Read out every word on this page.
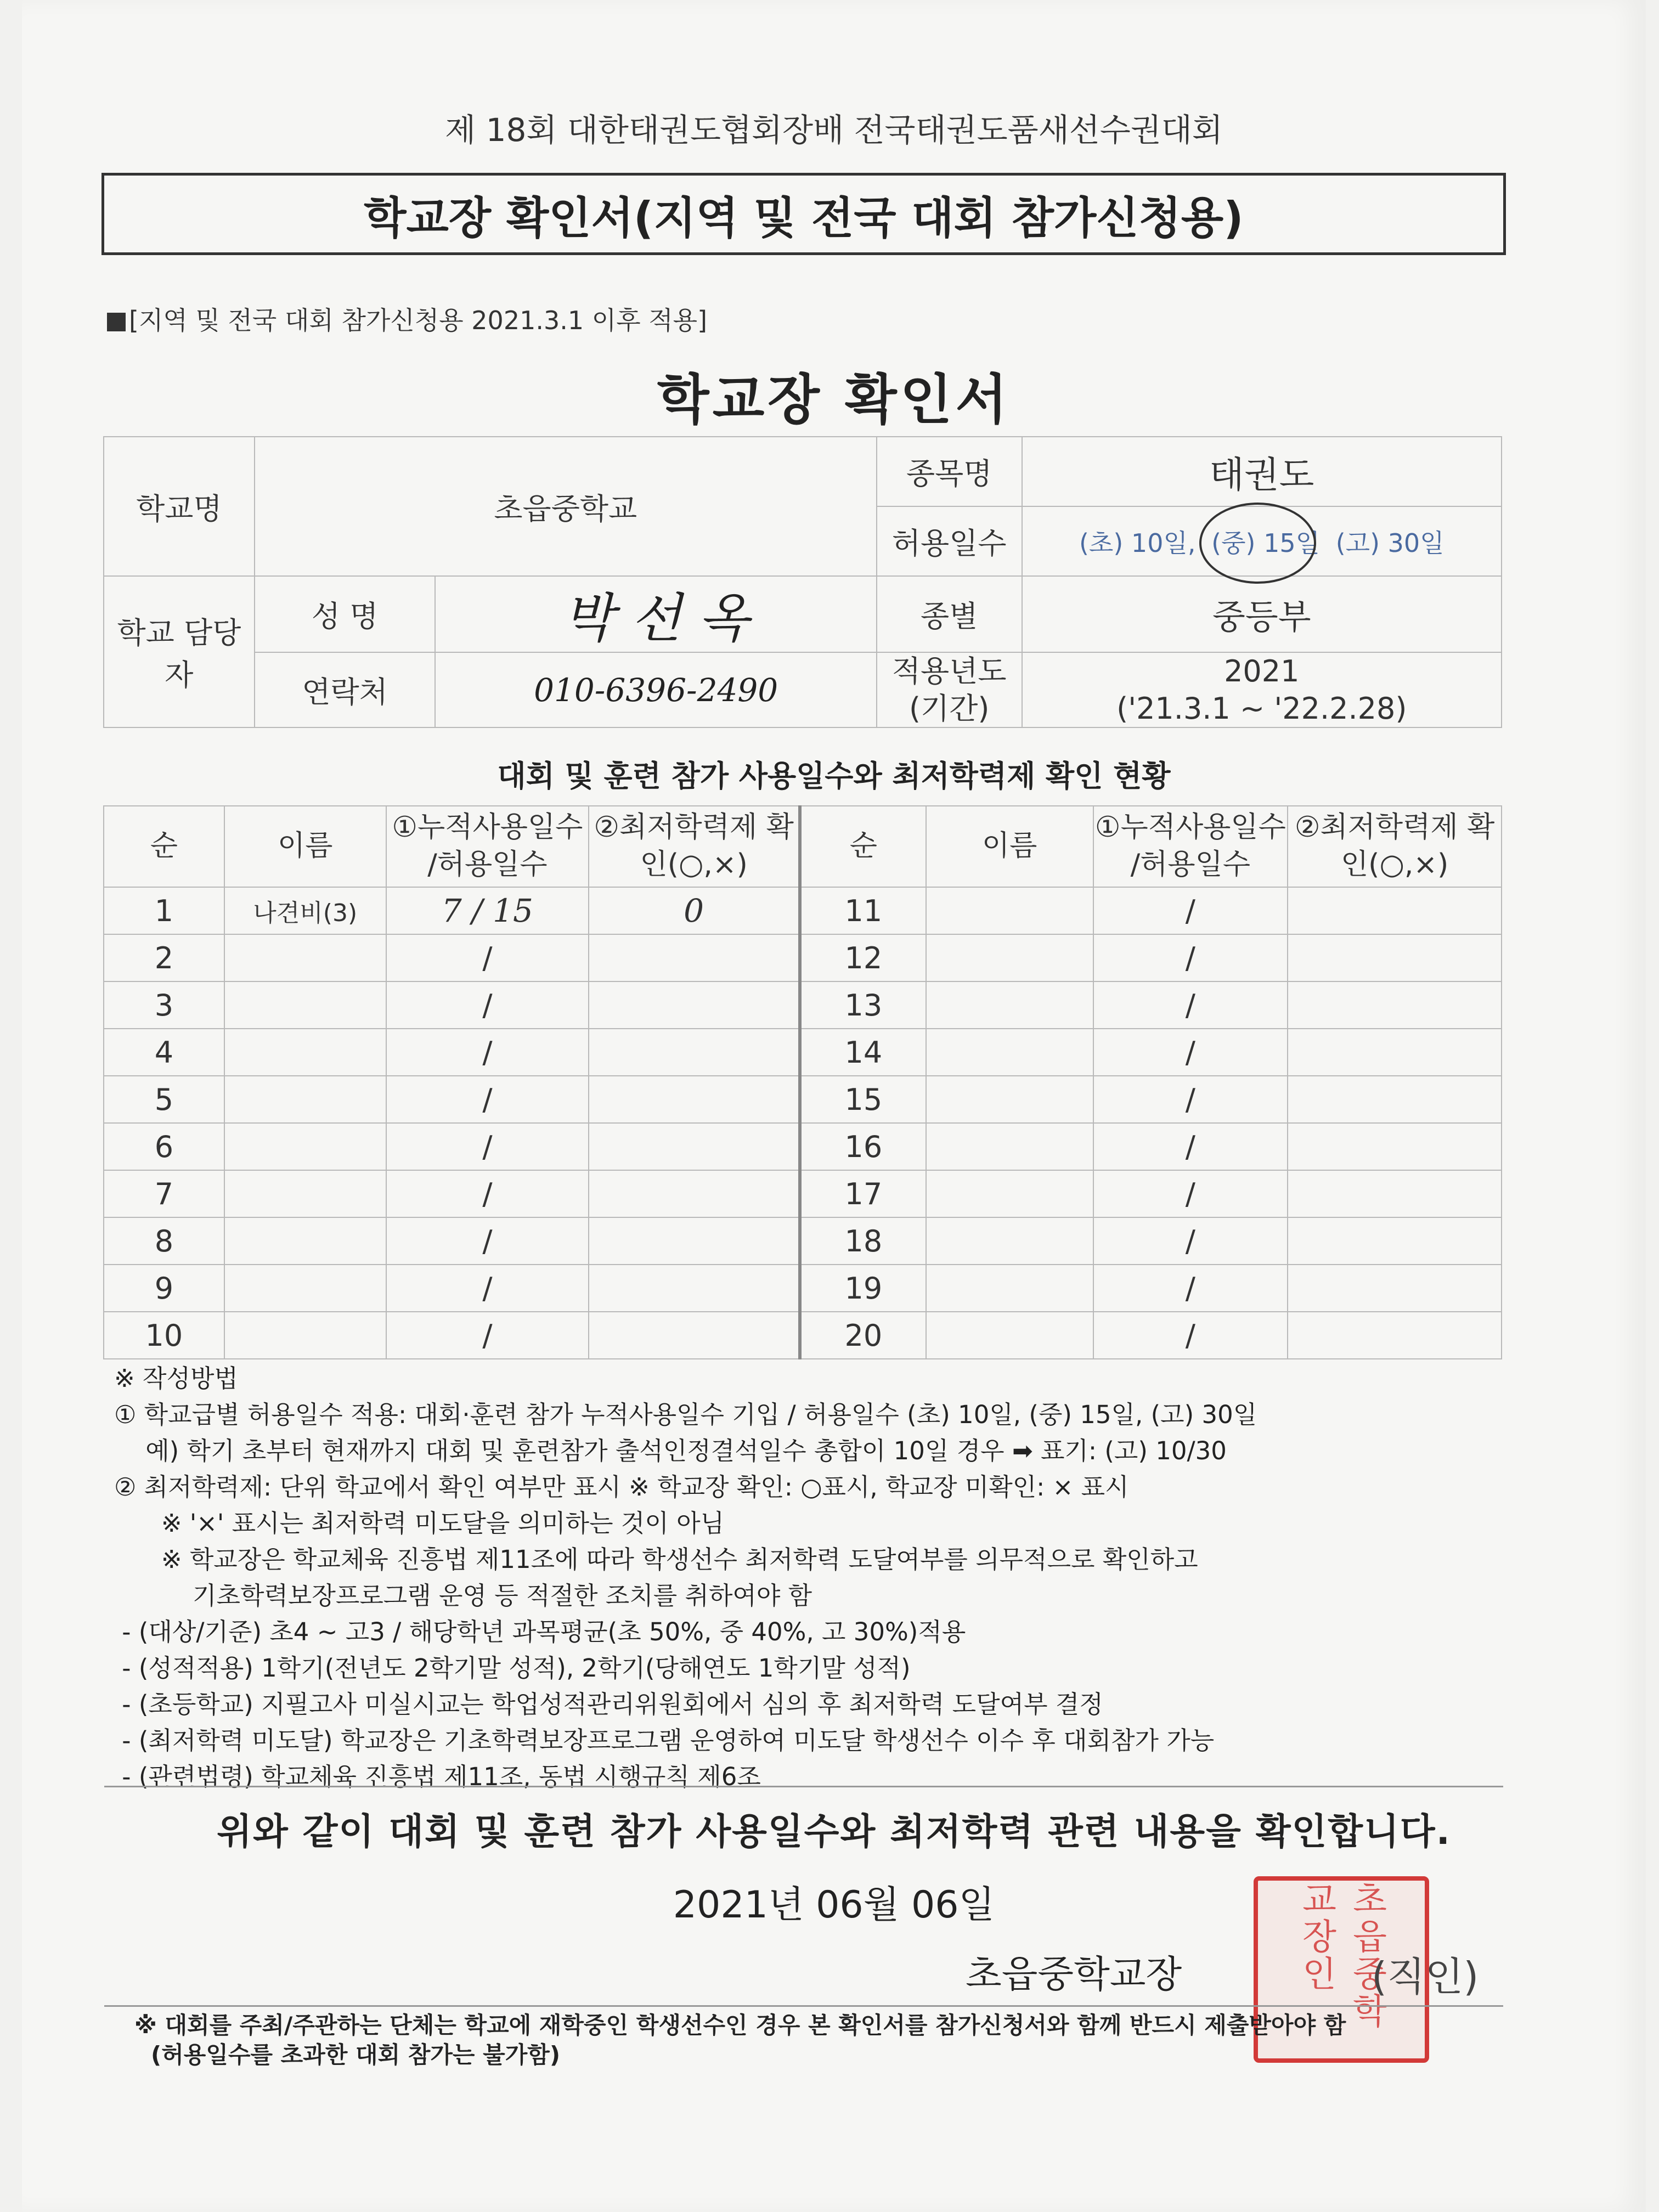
제 18회 대한태권도협회장배 전국태권도품새선수권대회
학교장 확인서(지역 및 전국 대회 참가신청용)
[지역 및 전국 대회 참가신청용 2021.3.1 이후 적용]
학교장 확인서
학교명	초읍중학교		종목명	태권도
			허용일수	(초) 10일, (중) 15일 (고) 30일
학교 담당자	성 명	박 선 옥	종별	중등부
	연락처	010-6396-2490	적용년도 (기간)	2021
('21.3.1 ~ '22.2.28)
대회 및 훈련 참가 사용일수와 최저학력제 확인 현황
순	이름	①누적사용일수 /허용일수	②최저학력제 확인(○,×)	순	이름	①누적사용일수 /허용일수	②최저학력제 확인(○,×)
1	나견비(3)	7 / 15	0	11		/	
2		/		12		/	
3		/		13		/	
4		/		14		/	
5		/		15		/	
6		/		16		/	
7		/		17		/	
8		/		18		/	
9		/		19		/	
10		/		20		/	
※ 작성방법
① 학교급별 허용일수 적용: 대회·훈련 참가 누적사용일수 기입 / 허용일수 (초) 10일, (중) 15일, (고) 30일
예) 학기 초부터 현재까지 대회 및 훈련참가 출석인정결석일수 총합이 10일 경우 ➡ 표기: (고) 10/30
② 최저학력제: 단위 학교에서 확인 여부만 표시 ※ 학교장 확인: ○표시, 학교장 미확인: × 표시
※ '×' 표시는 최저학력 미도달을 의미하는 것이 아님
※ 학교장은 학교체육 진흥법 제11조에 따라 학생선수 최저학력 도달여부를 의무적으로 확인하고
기초학력보장프로그램 운영 등 적절한 조치를 취하여야 함
- (대상/기준) 초4 ~ 고3 / 해당학년 과목평균(초 50%, 중 40%, 고 30%)적용
- (성적적용) 1학기(전년도 2학기말 성적), 2학기(당해연도 1학기말 성적)
- (초등학교) 지필고사 미실시교는 학업성적관리위원회에서 심의 후 최저학력 도달여부 결정
- (최저학력 미도달) 학교장은 기초학력보장프로그램 운영하여 미도달 학생선수 이수 후 대회참가 가능
- (관련법령) 학교체육 진흥법 제11조, 동법 시행규칙 제6조
위와 같이 대회 및 훈련 참가 사용일수와 최저학력 관련 내용을 확인합니다.
2021년 06월 06일	초읍중학교장인
초읍중학교장	(직인)
※ 대회를 주최/주관하는 단체는 학교에 재학중인 학생선수인 경우 본 확인서를 참가신청서와 함께 반드시 제출받아야 함
(허용일수를 초과한 대회 참가는 불가함)
